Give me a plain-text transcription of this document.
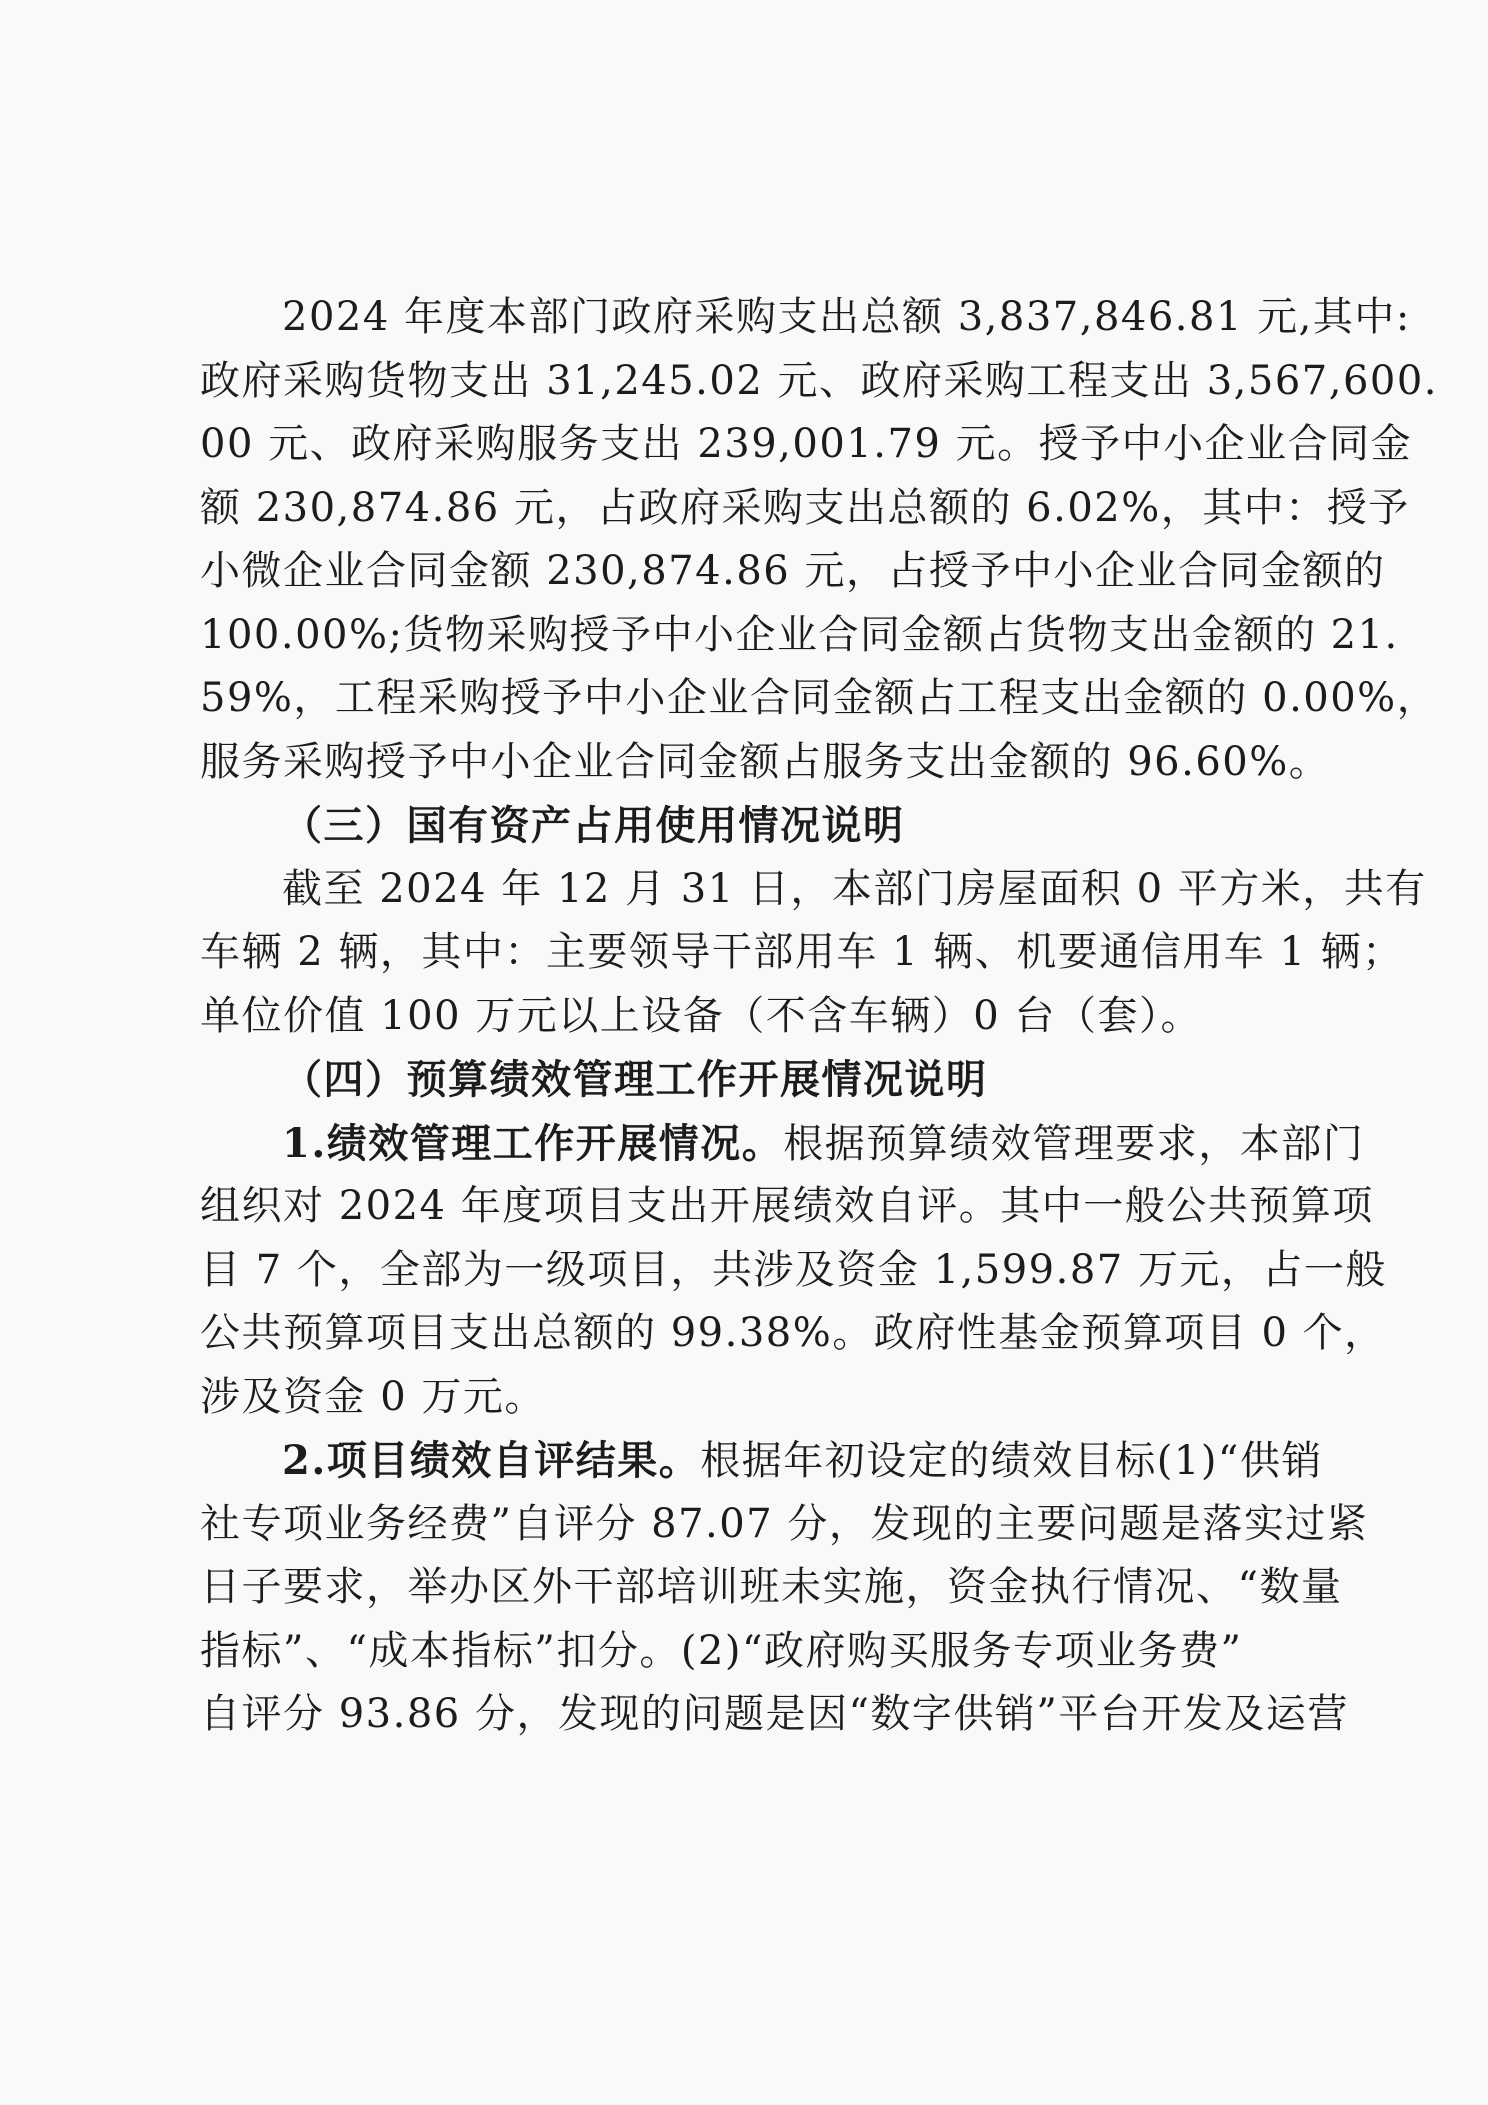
2024 年度本部门政府采购支出总额 3,837,846.81 元,其中:
政府采购货物支出 31,245.02 元、政府采购工程支出 3,567,600.
00 元、政府采购服务支出 239,001.79 元。授予中小企业合同金
额 230,874.86 元，占政府采购支出总额的 6.02%，其中：授予
小微企业合同金额 230,874.86 元，占授予中小企业合同金额的
100.00%;货物采购授予中小企业合同金额占货物支出金额的 21.
59%，工程采购授予中小企业合同金额占工程支出金额的 0.00%，
服务采购授予中小企业合同金额占服务支出金额的 96.60%。
（三）国有资产占用使用情况说明
截至 2024 年 12 月 31 日，本部门房屋面积 0 平方米，共有
车辆 2 辆，其中：主要领导干部用车 1 辆、机要通信用车 1 辆；
单位价值 100 万元以上设备（不含车辆）0 台（套）。
（四）预算绩效管理工作开展情况说明
1.绩效管理工作开展情况。根据预算绩效管理要求，本部门
组织对 2024 年度项目支出开展绩效自评。其中一般公共预算项
目 7 个，全部为一级项目，共涉及资金 1,599.87 万元，占一般
公共预算项目支出总额的 99.38%。政府性基金预算项目 0 个，
涉及资金 0 万元。
2.项目绩效自评结果。根据年初设定的绩效目标(1)“供销
社专项业务经费”自评分 87.07 分，发现的主要问题是落实过紧
日子要求，举办区外干部培训班未实施，资金执行情况、“数量
指标”、“成本指标”扣分。(2)“政府购买服务专项业务费”
自评分 93.86 分，发现的问题是因“数字供销”平台开发及运营
